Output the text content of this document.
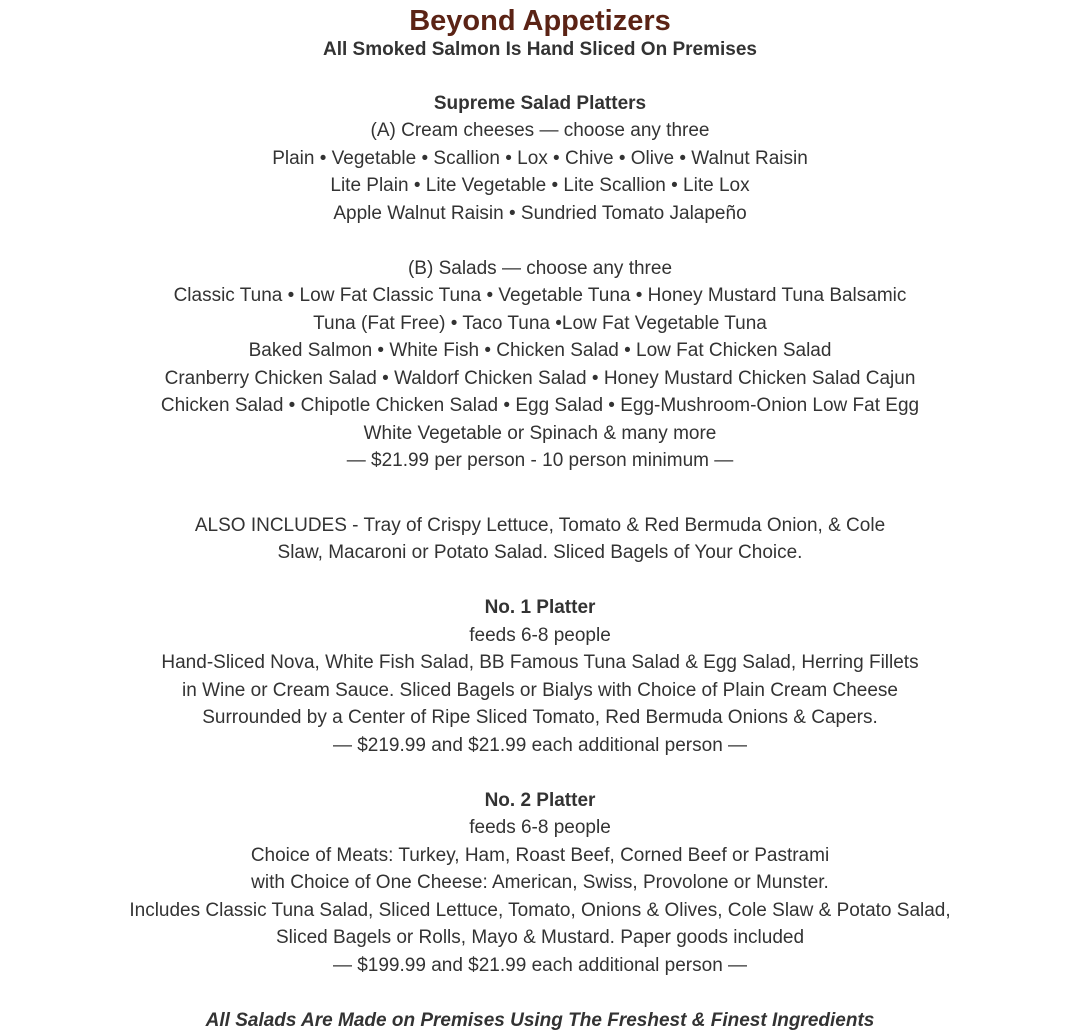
Beyond Appetizers
All Smoked Salmon Is Hand Sliced On Premises

Supreme Salad Platters

(A) Cream cheeses — choose any three

Plain • Vegetable • Scallion • Lox • Chive • Olive • Walnut Raisin

Lite Plain • Lite Vegetable • Lite Scallion • Lite Lox

Apple Walnut Raisin • Sundried Tomato Jalapeño

(B) Salads — choose any three

Classic Tuna • Low Fat Classic Tuna • Vegetable Tuna • Honey Mustard Tuna Balsamic Tuna (Fat Free) • Taco Tuna •Low Fat Vegetable Tuna

Baked Salmon • White Fish • Chicken Salad • Low Fat Chicken Salad

Cranberry Chicken Salad • Waldorf Chicken Salad • Honey Mustard Chicken Salad Cajun Chicken Salad • Chipotle Chicken Salad • Egg Salad • Egg-Mushroom-Onion Low Fat Egg White Vegetable or Spinach & many more

— $21.99 per person - 10 person minimum —

ALSO INCLUDES - Tray of Crispy Lettuce, Tomato & Red Bermuda Onion, & Cole Slaw, Macaroni or Potato Salad. Sliced Bagels of Your Choice.

No. 1 Platter

feeds 6-8 people

Hand-Sliced Nova, White Fish Salad, BB Famous Tuna Salad & Egg Salad, Herring Fillets in Wine or Cream Sauce. Sliced Bagels or Bialys with Choice of Plain Cream Cheese Surrounded by a Center of Ripe Sliced Tomato, Red Bermuda Onions & Capers.

— $219.99 and $21.99 each additional person —

No. 2 Platter

feeds 6-8 people

Choice of Meats: Turkey, Ham, Roast Beef, Corned Beef or Pastrami

with Choice of One Cheese: American, Swiss, Provolone or Munster.

Includes Classic Tuna Salad, Sliced Lettuce, Tomato, Onions & Olives, Cole Slaw & Potato Salad,

Sliced Bagels or Rolls, Mayo & Mustard. Paper goods included

— $199.99 and $21.99 each additional person —

All Salads Are Made on Premises Using The Freshest & Finest Ingredients
